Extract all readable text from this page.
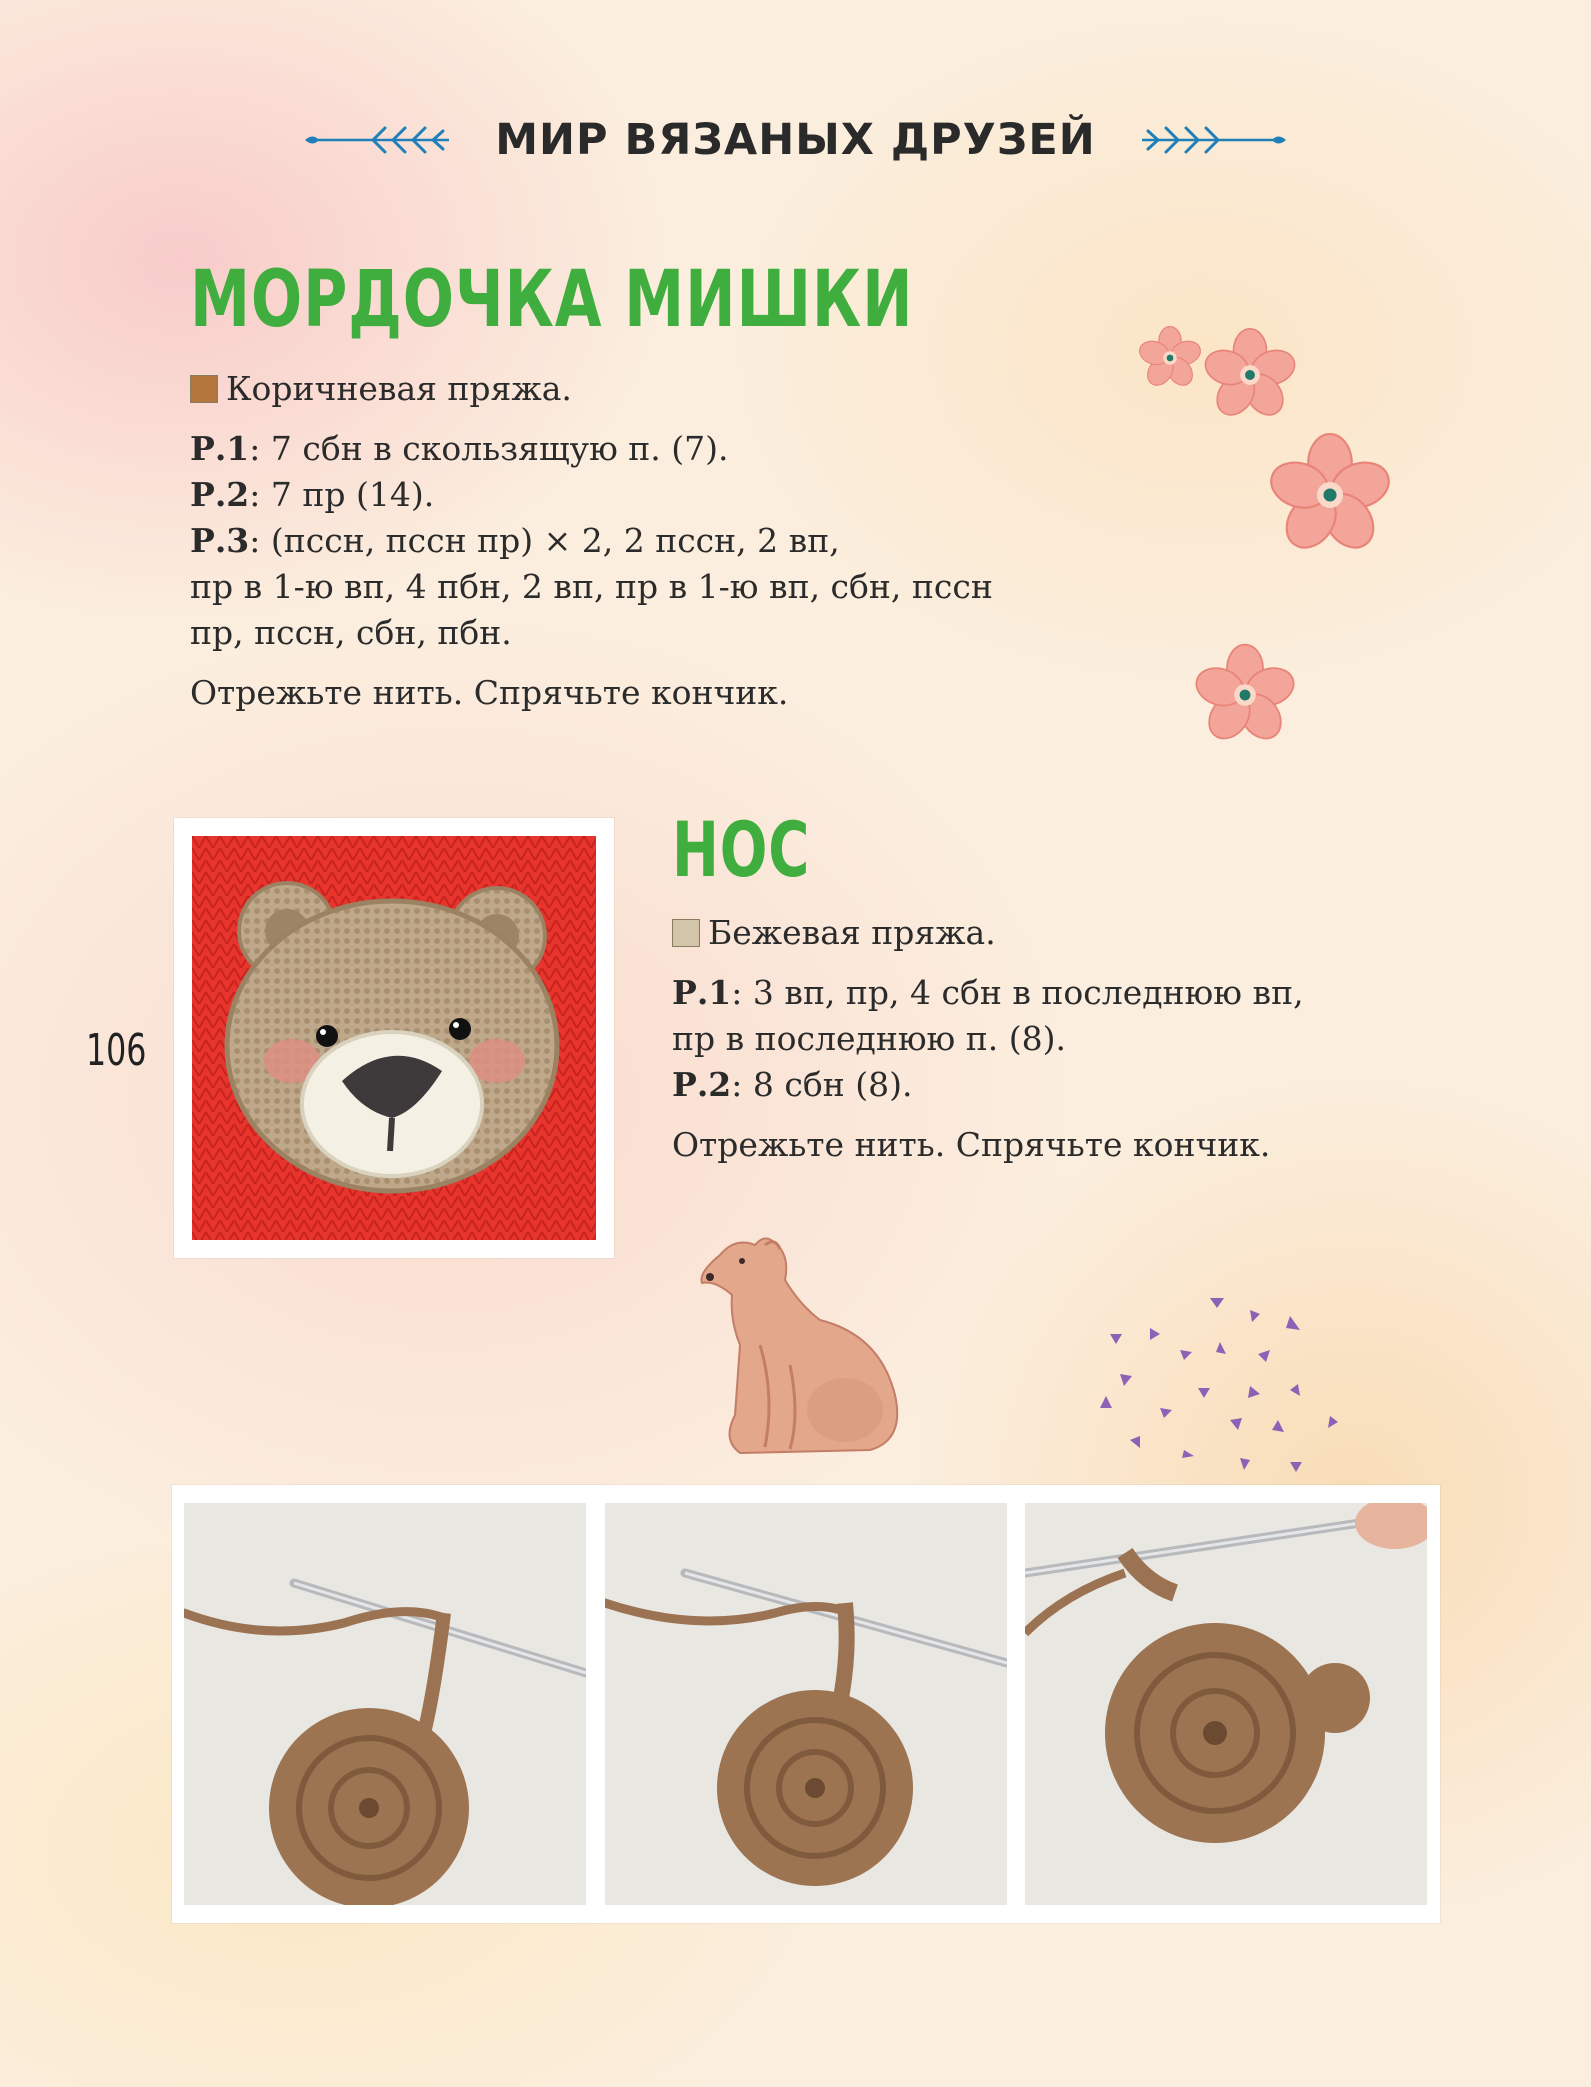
МИР ВЯЗАНЫХ ДРУЗЕЙ
МОРДОЧКА МИШКИ
Коричневая пряжа.
Р.1: 7 сбн в скользящую п. (7).
Р.2: 7 пр (14).
Р.3: (пссн, пссн пр) × 2, 2 пссн, 2 вп,
пр в 1-ю вп, 4 пбн, 2 вп, пр в 1-ю вп, сбн, пссн
пр, пссн, сбн, пбн.
Отрежьте нить. Спрячьте кончик.
106
НОС
Бежевая пряжа.
Р.1: 3 вп, пр, 4 сбн в последнюю вп,
пр в последнюю п. (8).
Р.2: 8 сбн (8).
Отрежьте нить. Спрячьте кончик.
